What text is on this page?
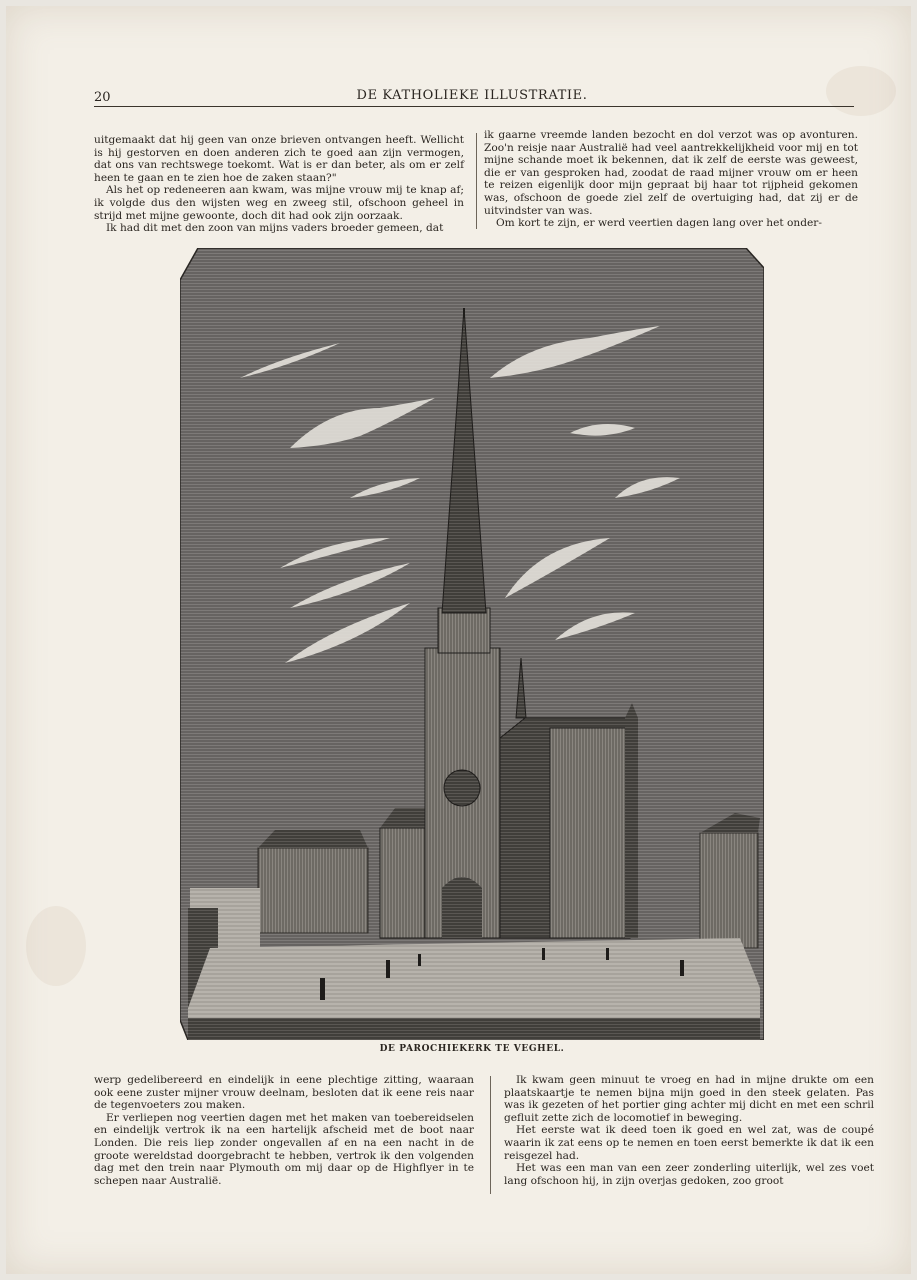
20	DE KATHOLIEKE ILLUSTRATIE.

uitgemaakt dat hij geen van onze brieven ontvangen heeft. Wellicht is hij gestorven en doen anderen zich te goed aan zijn vermogen, dat ons van rechtswege toekomt. Wat is er dan beter, als om er zelf heen te gaan en te zien hoe de zaken staan?"

Als het op redeneeren aan kwam, was mijne vrouw mij te knap af; ik volgde dus den wijsten weg en zweeg stil, ofschoon geheel in strijd met mijne gewoonte, doch dit had ook zijn oorzaak.

Ik had dit met den zoon van mijns vaders broeder gemeen, dat

ik gaarne vreemde landen bezocht en dol verzot was op avonturen. Zoo'n reisje naar Australië had veel aantrekkelijkheid voor mij en tot mijne schande moet ik bekennen, dat ik zelf de eerste was geweest, die er van gesproken had, zoodat de raad mijner vrouw om er heen te reizen eigenlijk door mijn gepraat bij haar tot rijpheid gekomen was, ofschoon de goede ziel zelf de overtuiging had, dat zij er de uitvindster van was.

Om kort te zijn, er werd veertien dagen lang over het onder-

DE PAROCHIEKERK TE VEGHEL.

werp gedelibereerd en eindelijk in eene plechtige zitting, waaraan ook eene zuster mijner vrouw deelnam, besloten dat ik eene reis naar de tegenvoeters zou maken.

Er verliepen nog veertien dagen met het maken van toebereidselen en eindelijk vertrok ik na een hartelijk afscheid met de boot naar Londen. Die reis liep zonder ongevallen af en na een nacht in de groote wereldstad doorgebracht te hebben, vertrok ik den volgenden dag met den trein naar Plymouth om mij daar op de Highflyer in te schepen naar Australië.

Ik kwam geen minuut te vroeg en had in mijne drukte om een plaatskaartje te nemen bijna mijn goed in den steek gelaten. Pas was ik gezeten of het portier ging achter mij dicht en met een schril gefluit zette zich de locomotief in beweging.

Het eerste wat ik deed toen ik goed en wel zat, was de coupé waarin ik zat eens op te nemen en toen eerst bemerkte ik dat ik een reisgezel had.

Het was een man van een zeer zonderling uiterlijk, wel zes voet lang ofschoon hij, in zijn overjas gedoken, zoo groot
